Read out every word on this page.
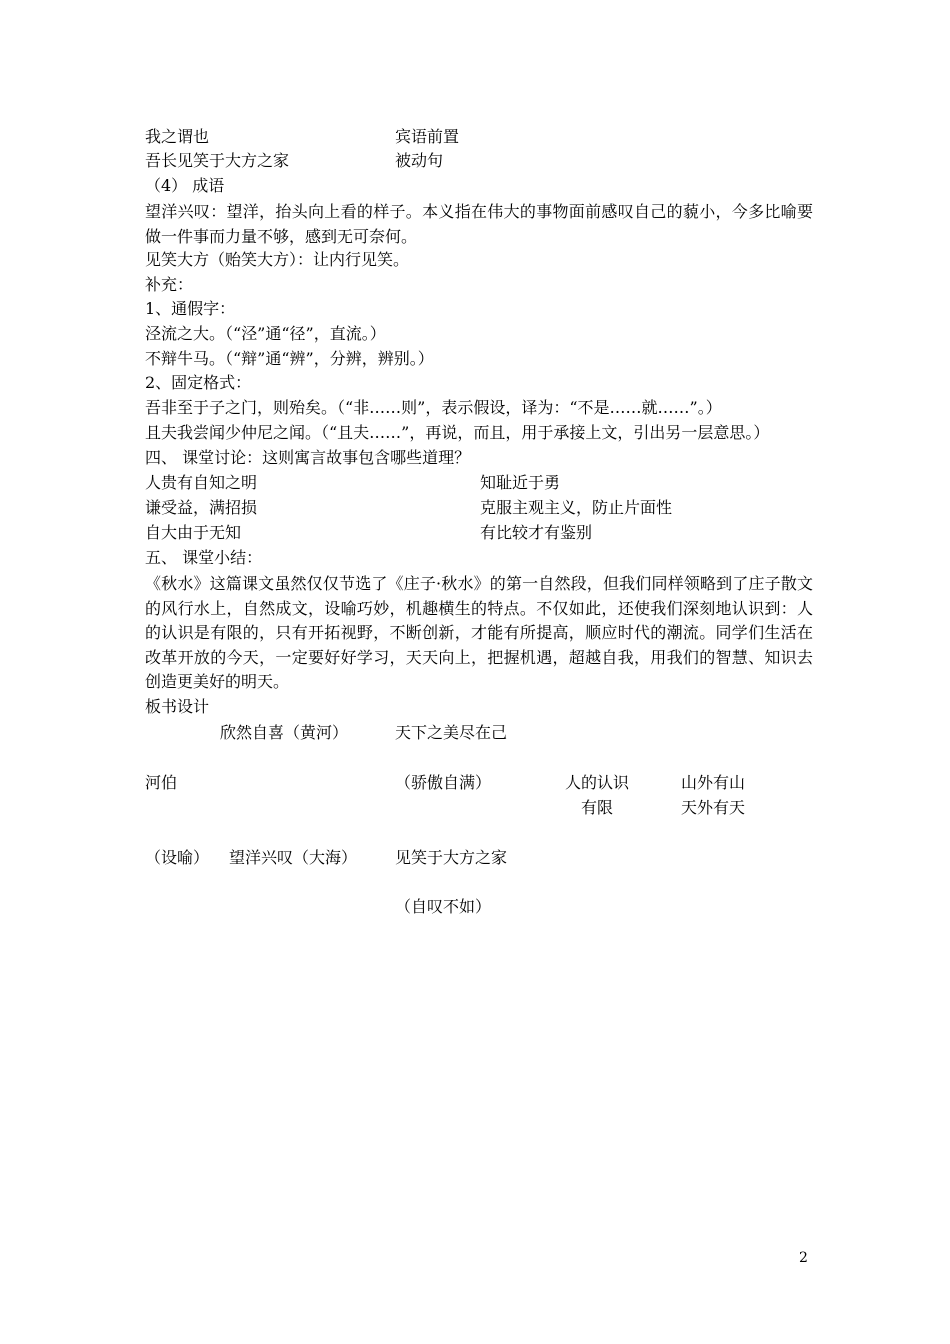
我之谓也	宾语前置
吾长见笑于大方之家	被动句
（4） 成语
望洋兴叹：望洋，抬头向上看的样子。本义指在伟大的事物面前感叹自己的藐小，今多比喻要做一件事而力量不够，感到无可奈何。
见笑大方（贻笑大方）：让内行见笑。
补充：
1、通假字：
泾流之大。（“泾”通“径”，直流。）
不辩牛马。（“辩”通“辨”，分辨，辨别。）
2、固定格式：
吾非至于子之门，则殆矣。（“非……则”，表示假设，译为：“不是……就……”。）
且夫我尝闻少仲尼之闻。（“且夫……”，再说，而且，用于承接上文，引出另一层意思。）
四、 课堂讨论：这则寓言故事包含哪些道理？
人贵有自知之明	知耻近于勇
谦受益，满招损	克服主观主义，防止片面性
自大由于无知	有比较才有鉴别
五、 课堂小结：
《秋水》这篇课文虽然仅仅节选了《庄子·秋水》的第一自然段，但我们同样领略到了庄子散文的风行水上，自然成文，设喻巧妙，机趣横生的特点。不仅如此，还使我们深刻地认识到：人的认识是有限的，只有开拓视野，不断创新，才能有所提高，顺应时代的潮流。同学们生活在改革开放的今天，一定要好好学习，天天向上，把握机遇，超越自我，用我们的智慧、知识去创造更美好的明天。
板书设计
欣然自喜（黄河）	天下之美尽在己
河伯	（骄傲自满）	人的认识	山外有山
有限	天外有天
（设喻） 望洋兴叹（大海） 见笑于大方之家
（自叹不如）
2
